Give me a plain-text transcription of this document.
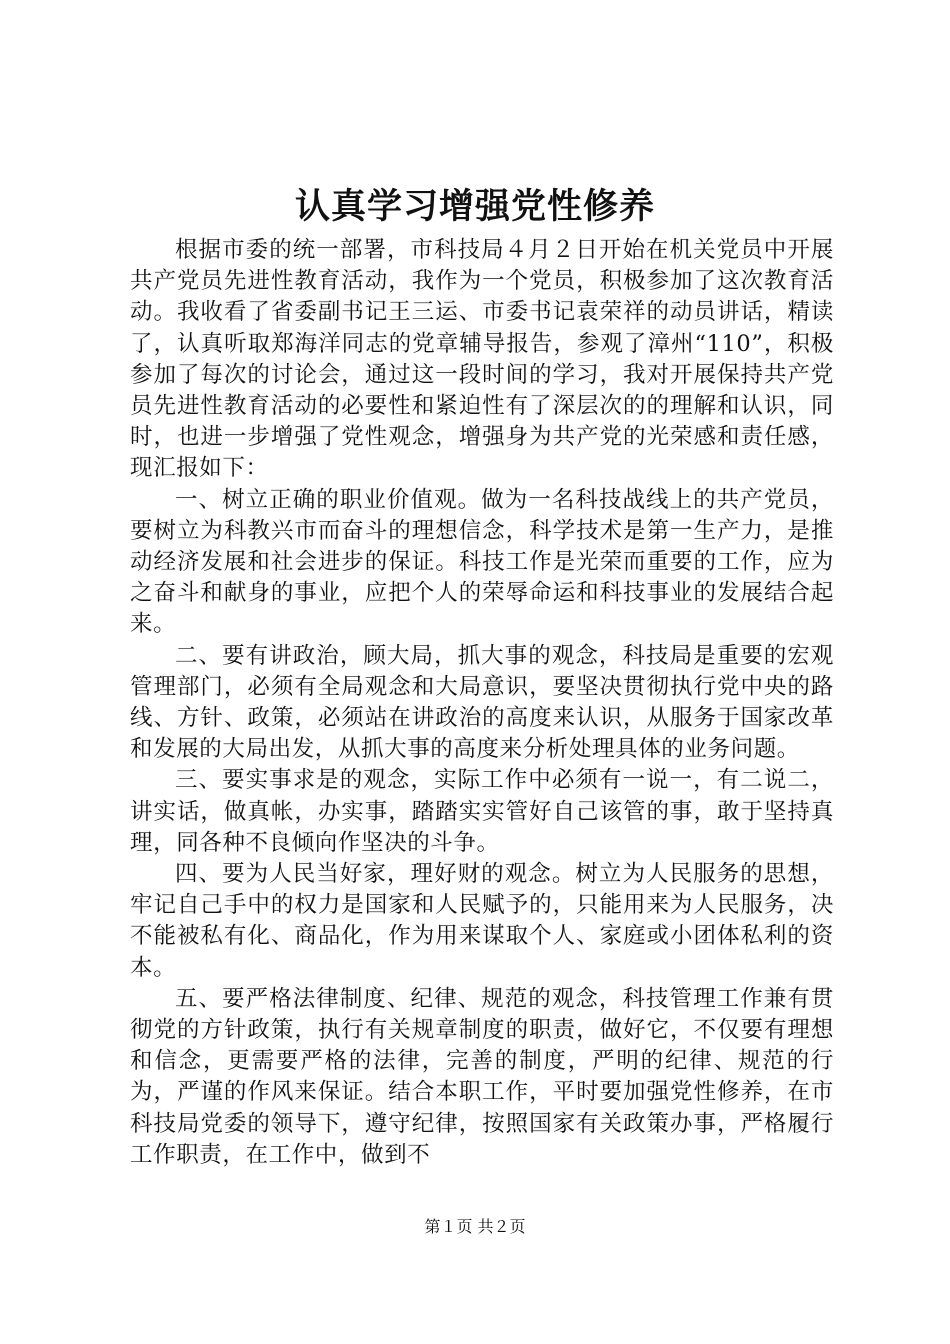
认真学习增强党性修养

根据市委的统一部署，市科技局４月２日开始在机关党员中开展共产党员先进性教育活动，我作为一个党员，积极参加了这次教育活动。我收看了省委副书记王三运、市委书记袁荣祥的动员讲话，精读了，认真听取郑海洋同志的党章辅导报告，参观了漳州“110”，积极参加了每次的讨论会，通过这一段时间的学习，我对开展保持共产党员先进性教育活动的必要性和紧迫性有了深层次的的理解和认识，同时，也进一步增强了党性观念，增强身为共产党的光荣感和责任感，现汇报如下：

一、树立正确的职业价值观。做为一名科技战线上的共产党员，要树立为科教兴市而奋斗的理想信念，科学技术是第一生产力，是推动经济发展和社会进步的保证。科技工作是光荣而重要的工作，应为之奋斗和献身的事业，应把个人的荣辱命运和科技事业的发展结合起来。

二、要有讲政治，顾大局，抓大事的观念，科技局是重要的宏观管理部门，必须有全局观念和大局意识，要坚决贯彻执行党中央的路线、方针、政策，必须站在讲政治的高度来认识，从服务于国家改革和发展的大局出发，从抓大事的高度来分析处理具体的业务问题。

三、要实事求是的观念，实际工作中必须有一说一，有二说二，讲实话，做真帐，办实事，踏踏实实管好自己该管的事，敢于坚持真理，同各种不良倾向作坚决的斗争。

四、要为人民当好家，理好财的观念。树立为人民服务的思想，牢记自己手中的权力是国家和人民赋予的，只能用来为人民服务，决不能被私有化、商品化，作为用来谋取个人、家庭或小团体私利的资本。

五、要严格法律制度、纪律、规范的观念，科技管理工作兼有贯彻党的方针政策，执行有关规章制度的职责，做好它，不仅要有理想和信念，更需要严格的法律，完善的制度，严明的纪律、规范的行为，严谨的作风来保证。结合本职工作，平时要加强党性修养，在市科技局党委的领导下，遵守纪律，按照国家有关政策办事，严格履行工作职责，在工作中，做到不

第１页 共２页
